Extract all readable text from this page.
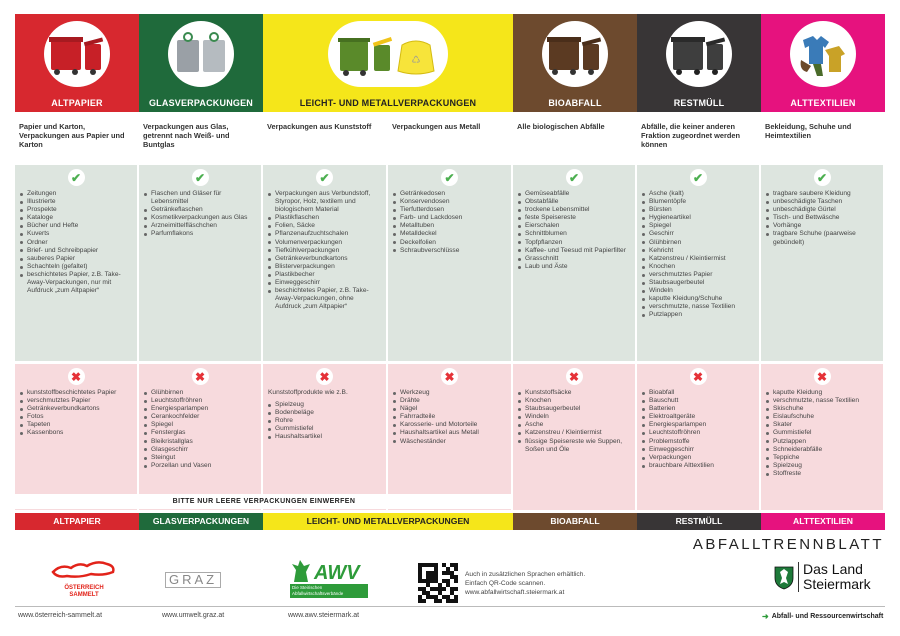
ALTPAPIER	GLASVERPACKUNGEN
♺
LEICHT- UND METALLVERPACKUNGEN	BIOABFALL	RESTMÜLL	ALTTEXTILIEN
Papier und Karton, Verpackungen aus Papier und Karton
Verpackungen aus Glas, getrennt nach Weiß- und Buntglas
Verpackungen aus Kunststoff	Verpackungen aus Metall	Alle biologischen Abfälle	Abfälle, die keiner anderen Fraktion zugeordnet werden können
Bekleidung, Schuhe und Heimtextilien
✔
Zeitungen
Illustrierte
Prospekte
Kataloge
Bücher und Hefte
Kuverts
Ordner
Brief- und Schreibpapier
sauberes Papier
Schachteln (gefaltet)
beschichtetes Papier, z.B. Take-Away-Verpackungen, nur mit Aufdruck „zum Altpapier“
✔
Flaschen und Gläser für Lebensmittel
Getränkeflaschen
Kosmetikverpackungen aus Glas
Arzneimittelfläschchen
Parfumflakons
✔
Verpackungen aus Verbundstoff, Styropor, Holz, textilem und biologischem Material
Plastikflaschen
Folien, Säcke
Pflanzenaufzuchtschalen
Volumenverpackungen
Tiefkühlverpackungen
Getränkeverbundkartons
Blisterverpackungen
Plastikbecher
Einweggeschirr
beschichtetes Papier, z.B. Take-Away-Verpackungen, ohne Aufdruck „zum Altpapier“
✔
Getränkedosen
Konservendosen
Tierfutterdosen
Farb- und Lackdosen
Metalltuben
Metalldeckel
Deckelfolien
Schraubverschlüsse
✔
Gemüseabfälle
Obstabfälle
trockene Lebensmittel
feste Speisereste
Eierschalen
Schnittblumen
Topfpflanzen
Kaffee- und Teesud mit Papierfilter
Grasschnitt
Laub und Äste
✔
Asche (kalt)
Blumentöpfe
Bürsten
Hygieneartikel
Spiegel
Geschirr
Glühbirnen
Kehricht
Katzenstreu / Kleintiermist
Knochen
verschmutztes Papier
Staubsaugerbeutel
Windeln
kaputte Kleidung/Schuhe
verschmutzte, nasse Textilien
Putzlappen
✔
tragbare saubere Kleidung
unbeschädigte Taschen
unbeschädigte Gürtel
Tisch- und Bettwäsche
Vorhänge
tragbare Schuhe (paarweise gebündelt)
✖
kunststoffbeschichtetes Papier
verschmutztes Papier
Getränkeverbundkartons
Fotos
Tapeten
Kassenbons
✖
Glühbirnen
Leuchtstoffröhren
Energiesparlampen
Cerankochfelder
Spiegel
Fensterglas
Bleikristallglas
Glasgeschirr
Steingut
Porzellan und Vasen
✖

Kunststoffprodukte wie z.B.

Spielzeug
Bodenbeläge
Rohre
Gummistiefel
Haushaltsartikel
✖
Werkzeug
Drähte
Nägel
Fahrradteile
Karosserie- und Motorteile
Haushaltsartikel aus Metall
Wäscheständer
✖
Kunststoffsäcke
Knochen
Staubsaugerbeutel
Windeln
Asche
Katzenstreu / Kleintiermist
flüssige Speisereste wie Suppen, Soßen und Öle
✖
Bioabfall
Bauschutt
Batterien
Elektroaltgeräte
Energiesparlampen
Leuchtstoffröhren
Problemstoffe
Einweggeschirr
Verpackungen
brauchbare Alttextilien
✖
kaputte Kleidung
verschmutzte, nasse Textilien
Skischuhe
Eislaufschuhe
Skater
Gummistiefel
Putzlappen
Schneiderabfälle
Teppiche
Spielzeug
Stoffreste
BITTE NUR LEERE VERPACKUNGEN EINWERFEN
ALTPAPIER	GLASVERPACKUNGEN	LEICHT- UND METALLVERPACKUNGEN	BIOABFALL	RESTMÜLL	ALTTEXTILIEN
ABFALLTRENNBLATT
ÖSTERREICH SAMMELT
GRAZ	AWV
Die Steirischen Abfallwirtschaftsverbände
Auch in zusätzlichen Sprachen erhältlich.
Einfach QR-Code scannen.
www.abfallwirtschaft.steiermark.at
Das Land
Steiermark
www.österreich-sammelt.at	www.umwelt.graz.at	www.awv.steiermark.at	➜ Abfall- und Ressourcenwirtschaft
